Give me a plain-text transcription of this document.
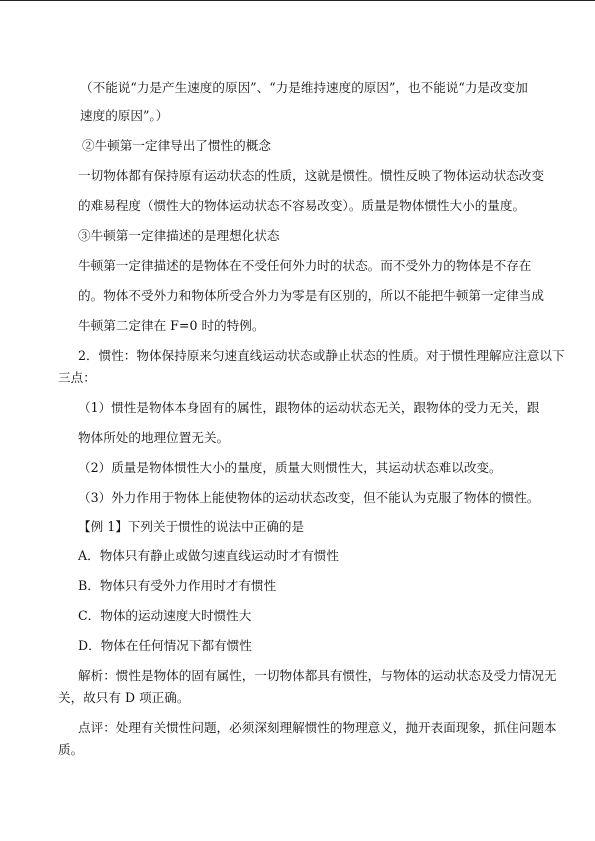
（不能说“力是产生速度的原因”、“力是维持速度的原因”，也不能说“力是改变加
速度的原因”。）
②牛顿第一定律导出了惯性的概念
一切物体都有保持原有运动状态的性质，这就是惯性。惯性反映了物体运动状态改变
的难易程度（惯性大的物体运动状态不容易改变）。质量是物体惯性大小的量度。
③牛顿第一定律描述的是理想化状态
牛顿第一定律描述的是物体在不受任何外力时的状态。而不受外力的物体是不存在
的。物体不受外力和物体所受合外力为零是有区别的，所以不能把牛顿第一定律当成
牛顿第二定律在 F=0 时的特例。
2．惯性：物体保持原来匀速直线运动状态或静止状态的性质。对于惯性理解应注意以下
三点：
（1）惯性是物体本身固有的属性，跟物体的运动状态无关，跟物体的受力无关，跟
物体所处的地理位置无关。
（2）质量是物体惯性大小的量度，质量大则惯性大，其运动状态难以改变。
（3）外力作用于物体上能使物体的运动状态改变，但不能认为克服了物体的惯性。
【例 1】下列关于惯性的说法中正确的是
A．物体只有静止或做匀速直线运动时才有惯性
B．物体只有受外力作用时才有惯性
C．物体的运动速度大时惯性大
D．物体在任何情况下都有惯性
解析：惯性是物体的固有属性，一切物体都具有惯性，与物体的运动状态及受力情况无
关，故只有 D 项正确。
点评：处理有关惯性问题，必须深刻理解惯性的物理意义，抛开表面现象，抓住问题本
质。
